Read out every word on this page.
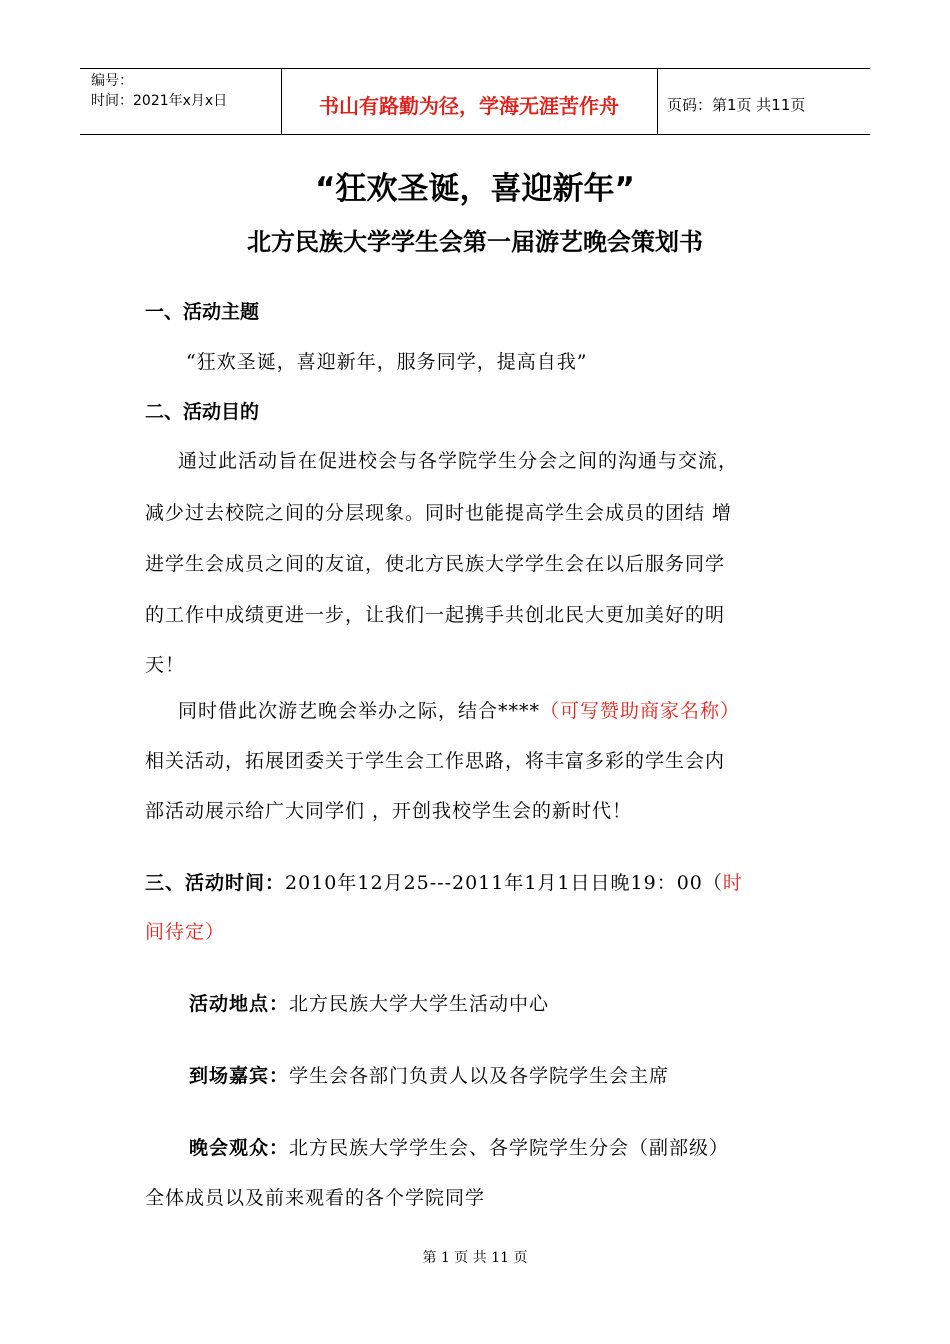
编号：
时间：2021年x月x日	书山有路勤为径，学海无涯苦作舟	页码：第1页 共11页
“狂欢圣诞，喜迎新年”
北方民族大学学生会第一届游艺晚会策划书
一、活动主题
“狂欢圣诞，喜迎新年，服务同学，提高自我”
二、活动目的
通过此活动旨在促进校会与各学院学生分会之间的沟通与交流，
减少过去校院之间的分层现象。同时也能提高学生会成员的团结 增
进学生会成员之间的友谊，使北方民族大学学生会在以后服务同学
的工作中成绩更进一步，让我们一起携手共创北民大更加美好的明
天！
同时借此次游艺晚会举办之际，结合****（可写赞助商家名称）
相关活动，拓展团委关于学生会工作思路，将丰富多彩的学生会内
部活动展示给广大同学们 ，开创我校学生会的新时代！
三、活动时间：2010年12月25---2011年1月1日日晚19：00（时
间待定）
活动地点：北方民族大学大学生活动中心
到场嘉宾：学生会各部门负责人以及各学院学生会主席
晚会观众：北方民族大学学生会、各学院学生分会（副部级）
全体成员以及前来观看的各个学院同学
第 1 页 共 11 页
